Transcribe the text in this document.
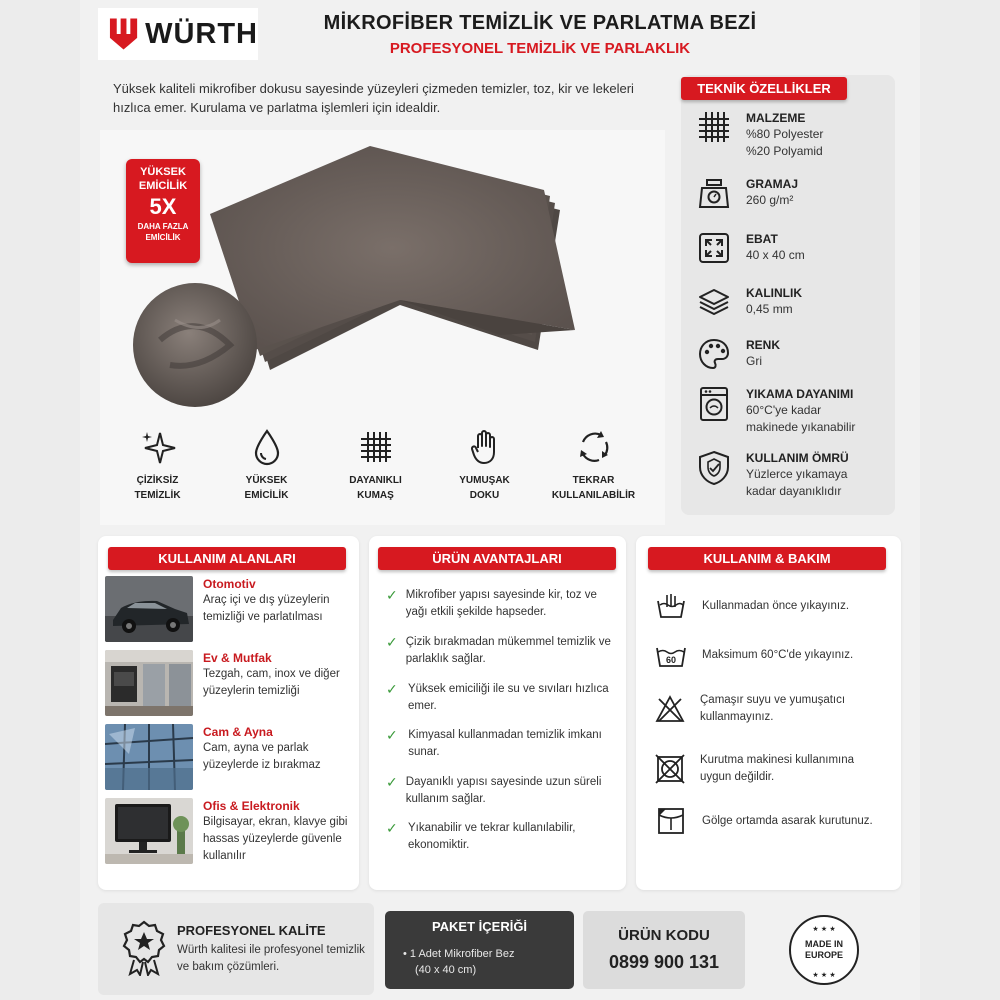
WÜRTH	MİKROFİBER TEMİZLİK VE PARLATMA BEZİ
PROFESYONEL TEMİZLİK VE PARLAKLIK
Yüksek kaliteli mikrofiber dokusu sayesinde yüzeyleri çizmeden temizler, toz, kir ve lekeleri hızlıca emer. Kurulama ve parlatma işlemleri için idealdir.
YÜKSEK
EMİCİLİK
5X
DAHA FAZLA
EMİCİLİK
ÇİZİKSİZ
TEMİZLİK
YÜKSEK
EMİCİLİK
DAYANIKLI
KUMAŞ
YUMUŞAK
DOKU
TEKRAR
KULLANILABİLİR
TEKNİK ÖZELLİKLER
MALZEME
%80 Polyester
%20 Polyamid
GRAMAJ
260 g/m²
EBAT
40 x 40 cm
KALINLIK
0,45 mm
RENK
Gri
YIKAMA DAYANIMI
60°C'ye kadar
makinede yıkanabilir
KULLANIM ÖMRÜ
Yüzlerce yıkamaya
kadar dayanıklıdır
KULLANIM ALANLARI
Otomotiv
Araç içi ve dış yüzeylerin temizliği ve parlatılması
Ev & Mutfak
Tezgah, cam, inox ve diğer yüzeylerin temizliği
Cam & Ayna
Cam, ayna ve parlak yüzeylerde iz bırakmaz
Ofis & Elektronik
Bilgisayar, ekran, klavye gibi hassas yüzeylerde güvenle kullanılır
ÜRÜN AVANTAJLARI
✓ Mikrofiber yapısı sayesinde kir, toz ve yağı etkili şekilde hapseder.
✓ Çizik bırakmadan mükemmel temizlik ve parlaklık sağlar.
✓ Yüksek emiciliği ile su ve sıvıları hızlıca emer.
✓ Kimyasal kullanmadan temizlik imkanı sunar.
✓ Dayanıklı yapısı sayesinde uzun süreli kullanım sağlar.
✓ Yıkanabilir ve tekrar kullanılabilir, ekonomiktir.
KULLANIM & BAKIM
Kullanmadan önce yıkayınız.
60 Maksimum 60°C'de yıkayınız.
Çamaşır suyu ve yumuşatıcı kullanmayınız.
Kurutma makinesi kullanımına uygun değildir.
Gölge ortamda asarak kurutunuz.
PROFESYONEL KALİTE
Würth kalitesi ile profesyonel temizlik ve bakım çözümleri.
PAKET İÇERİĞİ
• 1 Adet Mikrofiber Bez
(40 x 40 cm)
ÜRÜN KODU
0899 900 131
★ ★ ★
★ ★ ★
MADE IN
EUROPE
